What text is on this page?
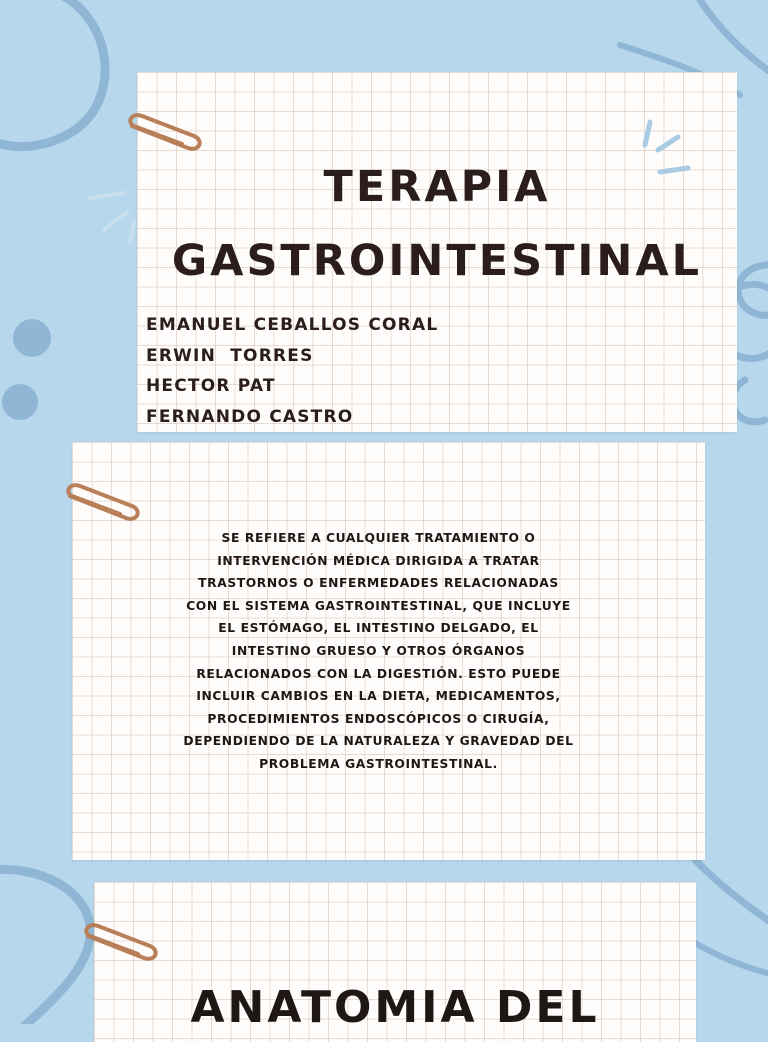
TERAPIA GASTROINTESTINAL
EMANUEL CEBALLOS CORAL
ERWIN  TORRES
HECTOR PAT
FERNANDO CASTRO

SE REFIERE A CUALQUIER TRATAMIENTO O INTERVENCIÓN MÉDICA DIRIGIDA A TRATAR TRASTORNOS O ENFERMEDADES RELACIONADAS CON EL SISTEMA GASTROINTESTINAL, QUE INCLUYE EL ESTÓMAGO, EL INTESTINO DELGADO, EL INTESTINO GRUESO Y OTROS ÓRGANOS RELACIONADOS CON LA DIGESTIÓN. ESTO PUEDE INCLUIR CAMBIOS EN LA DIETA, MEDICAMENTOS, PROCEDIMIENTOS ENDOSCÓPICOS O CIRUGÍA, DEPENDIENDO DE LA NATURALEZA Y GRAVEDAD DEL PROBLEMA GASTROINTESTINAL.

ANATOMIA DEL
